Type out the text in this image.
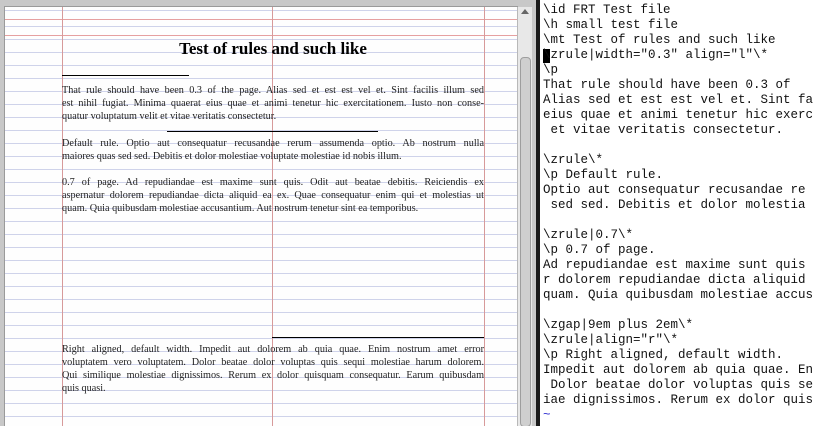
Test of rules and such like
That rule should have been 0.3 of the page. Alias sed et est est vel et. Sint facilis illum sed
est nihil fugiat. Minima quaerat eius quae et animi tenetur hic exercitationem. Iusto non conse-
quatur voluptatum velit et vitae veritatis consectetur.
Default rule. Optio aut consequatur recusandae rerum assumenda optio. Ab nostrum nulla
maiores quas sed sed. Debitis et dolor molestiae voluptate molestiae id nobis illum.
0.7 of page. Ad repudiandae est maxime sunt quis. Odit aut beatae debitis. Reiciendis ex
aspernatur dolorem repudiandae dicta aliquid ea ex. Quae consequatur enim qui et molestias ut
quam. Quia quibusdam molestiae accusantium. Aut nostrum tenetur sint ea temporibus.
Right aligned, default width. Impedit aut dolorem ab quia quae. Enim nostrum amet error
voluptatem vero voluptatem. Dolor beatae dolor voluptas quis sequi molestiae harum dolorem.
Qui similique molestiae dignissimos. Rerum ex dolor quisquam consequatur. Earum quibusdam
quis quasi.
\id FRT Test file
\h small test file
\mt Test of rules and such like
\zrule|width="0.3" align="l"\*
\p
That rule should have been 0.3 of
Alias sed et est est vel et. Sint fa
eius quae et animi tenetur hic exerc
et vitae veritatis consectetur.
\zrule\*
\p Default rule.
Optio aut consequatur recusandae re
sed sed. Debitis et dolor molestia
\zrule|0.7\*
\p 0.7 of page.
Ad repudiandae est maxime sunt quis
r dolorem repudiandae dicta aliquid
quam. Quia quibusdam molestiae accus
\zgap|9em plus 2em\*
\zrule|align="r"\*
\p Right aligned, default width.
Impedit aut dolorem ab quia quae. En
Dolor beatae dolor voluptas quis se
iae dignissimos. Rerum ex dolor quis
~
